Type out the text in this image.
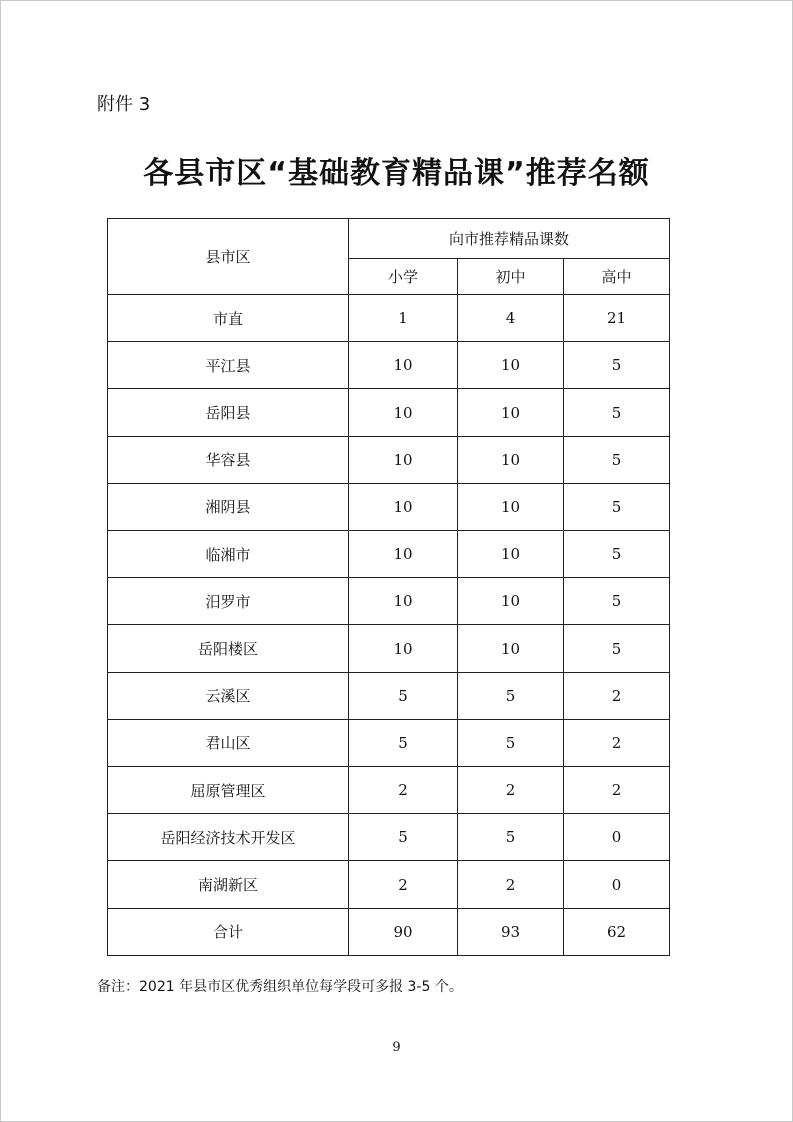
附件 3
各县市区“基础教育精品课”推荐名额
县市区	向市推荐精品课数		
	小学	初中	高中
市直	1	4	21
平江县	10	10	5
岳阳县	10	10	5
华容县	10	10	5
湘阴县	10	10	5
临湘市	10	10	5
汨罗市	10	10	5
岳阳楼区	10	10	5
云溪区	5	5	2
君山区	5	5	2
屈原管理区	2	2	2
岳阳经济技术开发区	5	5	0
南湖新区	2	2	0
合计	90	93	62
备注：2021 年县市区优秀组织单位每学段可多报 3-5 个。
9
